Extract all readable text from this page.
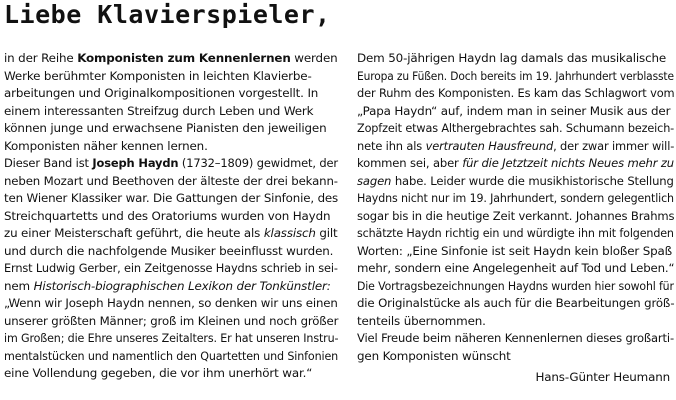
Liebe Klavierspieler,
in der Reihe Komponisten zum Kennenlernen werden
Werke berühmter Komponisten in leichten Klavierbe-
arbeitungen und Originalkompositionen vorgestellt. In
einem interessanten Streifzug durch Leben und Werk
können junge und erwachsene Pianisten den jeweiligen
Komponisten näher kennen lernen.
Dieser Band ist Joseph Haydn (1732–1809) gewidmet, der
neben Mozart und Beethoven der älteste der drei bekann-
ten Wiener Klassiker war. Die Gattungen der Sinfonie, des
Streichquartetts und des Oratoriums wurden von Haydn
zu einer Meisterschaft geführt, die heute als klassisch gilt
und durch die nachfolgende Musiker beeinflusst wurden.
Ernst Ludwig Gerber, ein Zeitgenosse Haydns schrieb in sei-
nem Historisch-biographischen Lexikon der Tonkünstler:
„Wenn wir Joseph Haydn nennen, so denken wir uns einen
unserer größten Männer; groß im Kleinen und noch größer
im Großen; die Ehre unseres Zeitalters. Er hat unseren Instru-
mentalstücken und namentlich den Quartetten und Sinfonien
eine Vollendung gegeben, die vor ihm unerhört war.“
Dem 50-jährigen Haydn lag damals das musikalische
Europa zu Füßen. Doch bereits im 19. Jahrhundert verblasste
der Ruhm des Komponisten. Es kam das Schlagwort vom
„Papa Haydn“ auf, indem man in seiner Musik aus der
Zopfzeit etwas Althergebrachtes sah. Schumann bezeich-
nete ihn als vertrauten Hausfreund, der zwar immer will-
kommen sei, aber für die Jetztzeit nichts Neues mehr zu
sagen habe. Leider wurde die musikhistorische Stellung
Haydns nicht nur im 19. Jahrhundert, sondern gelegentlich
sogar bis in die heutige Zeit verkannt. Johannes Brahms
schätzte Haydn richtig ein und würdigte ihn mit folgenden
Worten: „Eine Sinfonie ist seit Haydn kein bloßer Spaß
mehr, sondern eine Angelegenheit auf Tod und Leben.“
Die Vortragsbezeichnungen Haydns wurden hier sowohl für
die Originalstücke als auch für die Bearbeitungen größ-
tenteils übernommen.
Viel Freude beim näheren Kennenlernen dieses großarti-
gen Komponisten wünscht
Hans-Günter Heumann
